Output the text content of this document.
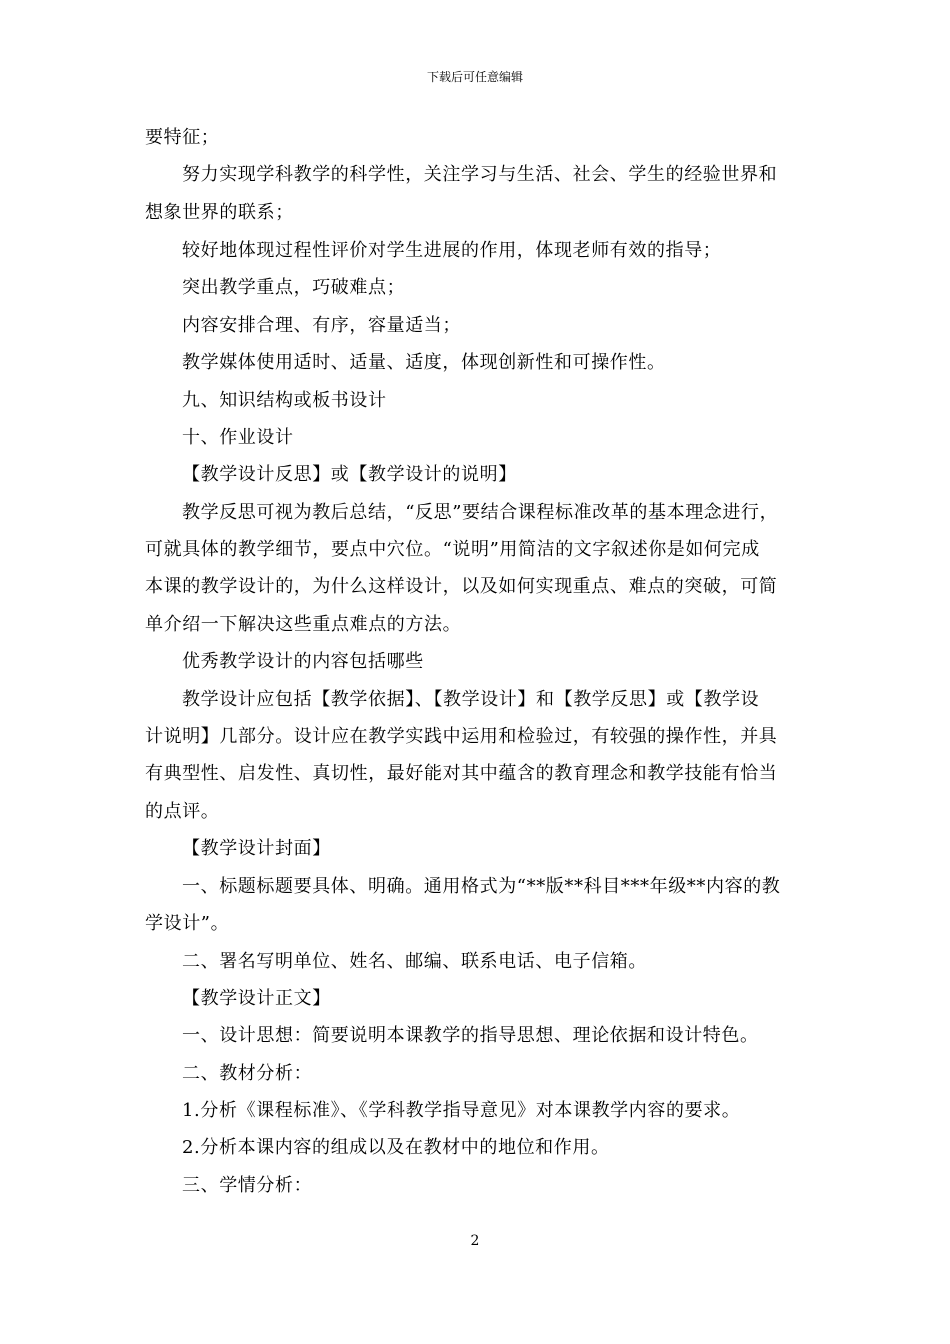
下载后可任意编辑
要特征；
努力实现学科教学的科学性，关注学习与生活、社会、学生的经验世界和
想象世界的联系；
较好地体现过程性评价对学生进展的作用，体现老师有效的指导；
突出教学重点，巧破难点；
内容安排合理、有序，容量适当；
教学媒体使用适时、适量、适度，体现创新性和可操作性。
九、知识结构或板书设计
十、作业设计
【教学设计反思】或【教学设计的说明】
教学反思可视为教后总结，“反思”要结合课程标准改革的基本理念进行，
可就具体的教学细节，要点中穴位。“说明”用简洁的文字叙述你是如何完成
本课的教学设计的，为什么这样设计，以及如何实现重点、难点的突破，可简
单介绍一下解决这些重点难点的方法。
优秀教学设计的内容包括哪些
教学设计应包括【教学依据】、【教学设计】和【教学反思】或【教学设
计说明】几部分。设计应在教学实践中运用和检验过，有较强的操作性，并具
有典型性、启发性、真切性，最好能对其中蕴含的教育理念和教学技能有恰当
的点评。
【教学设计封面】
一、标题标题要具体、明确。通用格式为“**版**科目***年级**内容的教
学设计”。
二、署名写明单位、姓名、邮编、联系电话、电子信箱。
【教学设计正文】
一、设计思想：简要说明本课教学的指导思想、理论依据和设计特色。
二、教材分析：
1.分析《课程标准》、《学科教学指导意见》对本课教学内容的要求。
2.分析本课内容的组成以及在教材中的地位和作用。
三、学情分析：
2
